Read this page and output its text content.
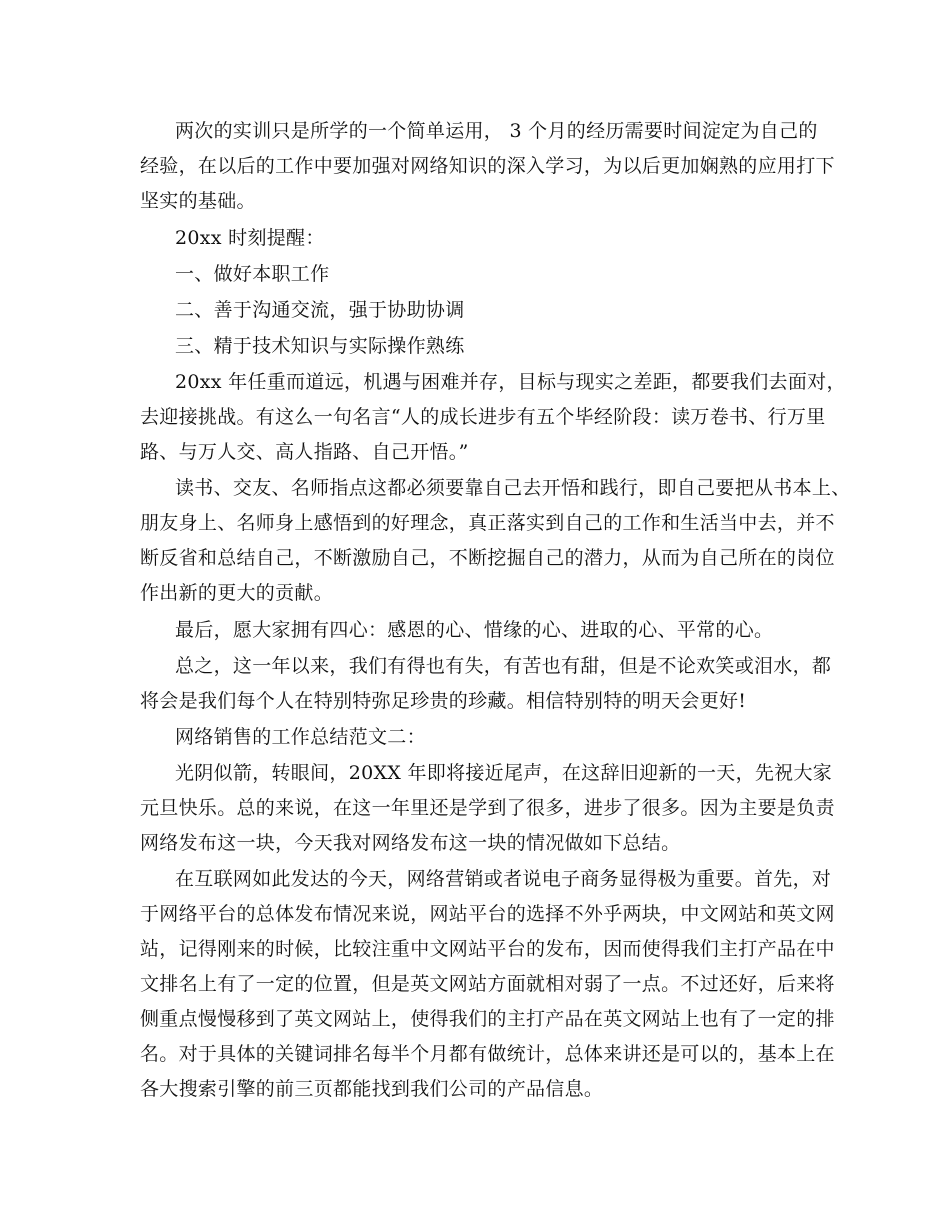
两次的实训只是所学的一个简单运用， 3 个月的经历需要时间淀定为自己的
经验，在以后的工作中要加强对网络知识的深入学习，为以后更加娴熟的应用打下
坚实的基础。
20xx 时刻提醒：
一、做好本职工作
二、善于沟通交流，强于协助协调
三、精于技术知识与实际操作熟练
20xx 年任重而道远，机遇与困难并存，目标与现实之差距，都要我们去面对，
去迎接挑战。有这么一句名言“人的成长进步有五个毕经阶段：读万卷书、行万里
路、与万人交、高人指路、自己开悟。”
读书、交友、名师指点这都必须要靠自己去开悟和践行，即自己要把从书本上、
朋友身上、名师身上感悟到的好理念，真正落实到自己的工作和生活当中去，并不
断反省和总结自己，不断激励自己，不断挖掘自己的潜力，从而为自己所在的岗位
作出新的更大的贡献。
最后，愿大家拥有四心：感恩的心、惜缘的心、进取的心、平常的心。
总之，这一年以来，我们有得也有失，有苦也有甜，但是不论欢笑或泪水，都
将会是我们每个人在特别特弥足珍贵的珍藏。相信特别特的明天会更好!
网络销售的工作总结范文二：
光阴似箭，转眼间，20XX 年即将接近尾声，在这辞旧迎新的一天，先祝大家
元旦快乐。总的来说，在这一年里还是学到了很多，进步了很多。因为主要是负责
网络发布这一块，今天我对网络发布这一块的情况做如下总结。
在互联网如此发达的今天，网络营销或者说电子商务显得极为重要。首先，对
于网络平台的总体发布情况来说，网站平台的选择不外乎两块，中文网站和英文网
站，记得刚来的时候，比较注重中文网站平台的发布，因而使得我们主打产品在中
文排名上有了一定的位置，但是英文网站方面就相对弱了一点。不过还好，后来将
侧重点慢慢移到了英文网站上，使得我们的主打产品在英文网站上也有了一定的排
名。对于具体的关键词排名每半个月都有做统计，总体来讲还是可以的，基本上在
各大搜索引擎的前三页都能找到我们公司的产品信息。
